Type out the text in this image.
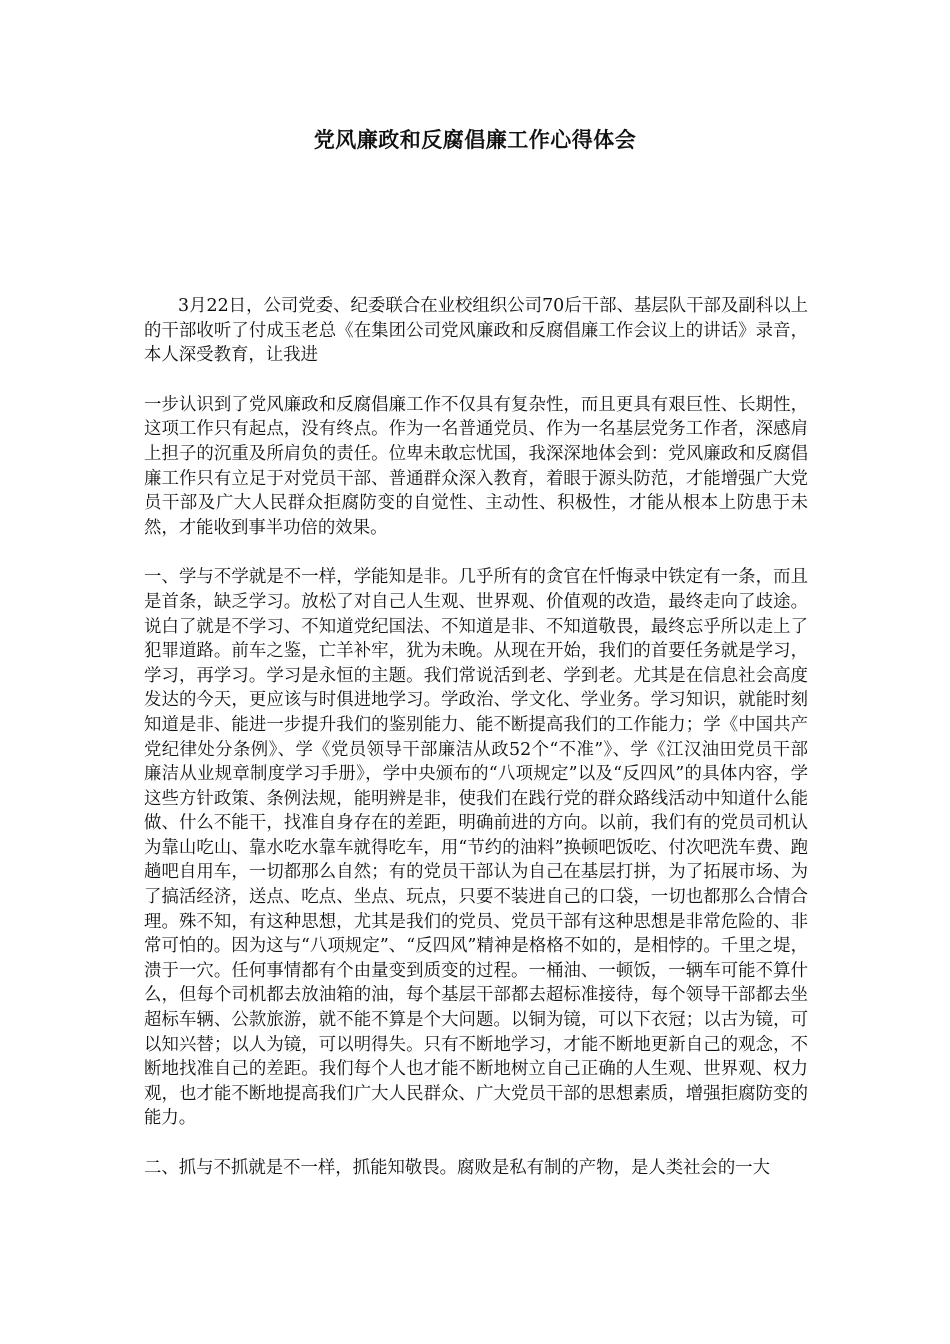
党风廉政和反腐倡廉工作心得体会

3月22日，公司党委、纪委联合在业校组织公司70后干部、基层队干部及副科以上的干部收听了付成玉老总《在集团公司党风廉政和反腐倡廉工作会议上的讲话》录音，本人深受教育，让我进

一步认识到了党风廉政和反腐倡廉工作不仅具有复杂性，而且更具有艰巨性、长期性，这项工作只有起点，没有终点。作为一名普通党员、作为一名基层党务工作者，深感肩上担子的沉重及所肩负的责任。位卑未敢忘忧国，我深深地体会到：党风廉政和反腐倡廉工作只有立足于对党员干部、普通群众深入教育，着眼于源头防范，才能增强广大党员干部及广大人民群众拒腐防变的自觉性、主动性、积极性，才能从根本上防患于未然，才能收到事半功倍的效果。

一、学与不学就是不一样，学能知是非。几乎所有的贪官在忏悔录中铁定有一条，而且是首条，缺乏学习。放松了对自己人生观、世界观、价值观的改造，最终走向了歧途。说白了就是不学习、不知道党纪国法、不知道是非、不知道敬畏，最终忘乎所以走上了犯罪道路。前车之鉴，亡羊补牢，犹为未晚。从现在开始，我们的首要任务就是学习，学习，再学习。学习是永恒的主题。我们常说活到老、学到老。尤其是在信息社会高度发达的今天，更应该与时俱进地学习。学政治、学文化、学业务。学习知识，就能时刻知道是非、能进一步提升我们的鉴别能力、能不断提高我们的工作能力；学《中国共产党纪律处分条例》、学《党员领导干部廉洁从政52个“不准”》、学《江汉油田党员干部廉洁从业规章制度学习手册》，学中央颁布的“八项规定”以及“反四风”的具体内容，学这些方针政策、条例法规，能明辨是非，使我们在践行党的群众路线活动中知道什么能做、什么不能干，找准自身存在的差距，明确前进的方向。以前，我们有的党员司机认为靠山吃山、靠水吃水靠车就得吃车，用“节约的油料”换顿吧饭吃、付次吧洗车费、跑趟吧自用车，一切都那么自然；有的党员干部认为自己在基层打拼，为了拓展市场、为了搞活经济，送点、吃点、坐点、玩点，只要不装进自己的口袋，一切也都那么合情合理。殊不知，有这种思想，尤其是我们的党员、党员干部有这种思想是非常危险的、非常可怕的。因为这与“八项规定”、“反四风”精神是格格不如的，是相悖的。千里之堤，溃于一穴。任何事情都有个由量变到质变的过程。一桶油、一顿饭，一辆车可能不算什么，但每个司机都去放油箱的油，每个基层干部都去超标准接待，每个领导干部都去坐超标车辆、公款旅游，就不能不算是个大问题。以铜为镜，可以下衣冠；以古为镜，可以知兴替；以人为镜，可以明得失。只有不断地学习，才能不断地更新自己的观念，不断地找准自己的差距。我们每个人也才能不断地树立自己正确的人生观、世界观、权力观，也才能不断地提高我们广大人民群众、广大党员干部的思想素质，增强拒腐防变的能力。

二、抓与不抓就是不一样，抓能知敬畏。腐败是私有制的产物，是人类社会的一大
